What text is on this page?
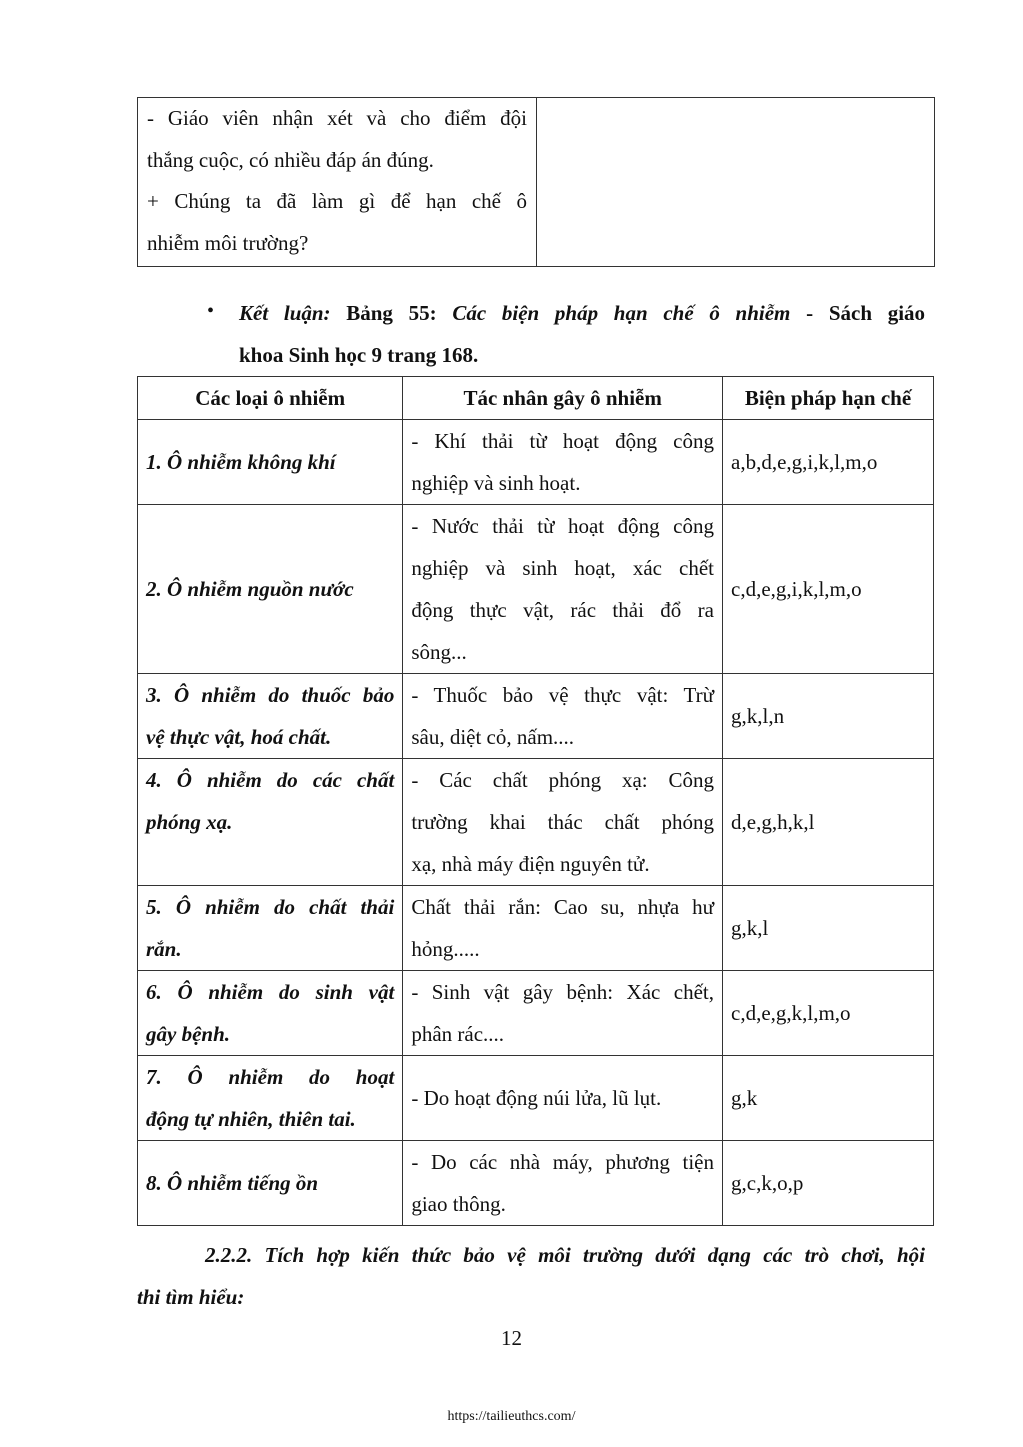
- Giáo viên nhận xét và cho điểm đội
thắng cuộc, có nhiều đáp án đúng.
+ Chúng ta đã làm gì để hạn chế ô
nhiễm môi trường?

• Kết luận: Bảng 55: Các biện pháp hạn chế ô nhiễm - Sách giáo
khoa Sinh học 9 trang 168.
Các loại ô nhiễm	Tác nhân gây ô nhiễm	Biện pháp hạn chế

1. Ô nhiễm không khí	- Khí thải từ hoạt động công
nghiệp và sinh hoạt.	a,b,d,e,g,i,k,l,m,o

2. Ô nhiễm nguồn nước	- Nước thải từ hoạt động công
nghiệp và sinh hoạt, xác chết
động thực vật, rác thải đổ ra
sông...	c,d,e,g,i,k,l,m,o

3. Ô nhiễm do thuốc bảo
vệ thực vật, hoá chất.	- Thuốc bảo vệ thực vật: Trừ
sâu, diệt cỏ, nấm....	g,k,l,n

4. Ô nhiễm do các chất
phóng xạ.	- Các chất phóng xạ: Công
trường khai thác chất phóng
xạ, nhà máy điện nguyên tử.	d,e,g,h,k,l

5. Ô nhiễm do chất thải
rắn.	Chất thải rắn: Cao su, nhựa hư
hỏng.....	g,k,l

6. Ô nhiễm do sinh vật
gây bệnh.	- Sinh vật gây bệnh: Xác chết,
phân rác....	c,d,e,g,k,l,m,o

7. Ô nhiễm do hoạt
động tự nhiên, thiên tai.	- Do hoạt động núi lửa, lũ lụt.	g,k

8. Ô nhiễm tiếng ồn	- Do các nhà máy, phương tiện
giao thông.	g,c,k,o,p
2.2.2. Tích hợp kiến thức bảo vệ môi trường dưới dạng các trò chơi, hội
thi tìm hiểu:
12
https://tailieuthcs.com/
